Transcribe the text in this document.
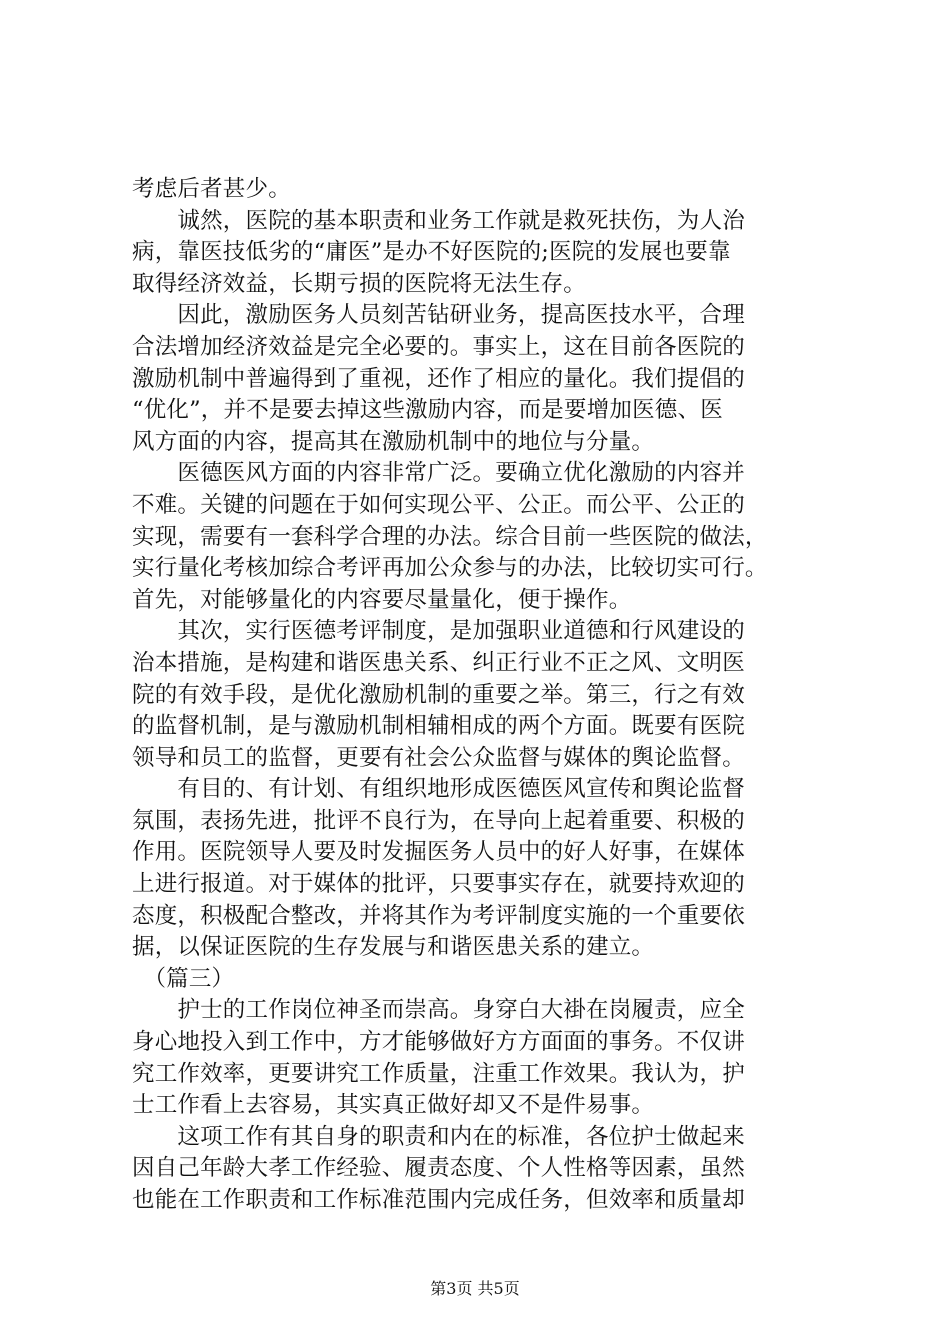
考虑后者甚少。
　　诚然，医院的基本职责和业务工作就是救死扶伤，为人治
病，靠医技低劣的“庸医”是办不好医院的;医院的发展也要靠
取得经济效益，长期亏损的医院将无法生存。
　　因此，激励医务人员刻苦钻研业务，提高医技水平，合理
合法增加经济效益是完全必要的。事实上，这在目前各医院的
激励机制中普遍得到了重视，还作了相应的量化。我们提倡的
“优化”，并不是要去掉这些激励内容，而是要增加医德、医
风方面的内容，提高其在激励机制中的地位与分量。
　　医德医风方面的内容非常广泛。要确立优化激励的内容并
不难。关键的问题在于如何实现公平、公正。而公平、公正的
实现，需要有一套科学合理的办法。综合目前一些医院的做法，
实行量化考核加综合考评再加公众参与的办法，比较切实可行。
首先，对能够量化的内容要尽量量化，便于操作。
　　其次，实行医德考评制度，是加强职业道德和行风建设的
治本措施，是构建和谐医患关系、纠正行业不正之风、文明医
院的有效手段，是优化激励机制的重要之举。第三，行之有效
的监督机制，是与激励机制相辅相成的两个方面。既要有医院
领导和员工的监督，更要有社会公众监督与媒体的舆论监督。
　　有目的、有计划、有组织地形成医德医风宣传和舆论监督
氛围，表扬先进，批评不良行为，在导向上起着重要、积极的
作用。医院领导人要及时发掘医务人员中的好人好事，在媒体
上进行报道。对于媒体的批评，只要事实存在，就要持欢迎的
态度，积极配合整改，并将其作为考评制度实施的一个重要依
据，以保证医院的生存发展与和谐医患关系的建立。
　（篇三）
　　护士的工作岗位神圣而崇高。身穿白大褂在岗履责，应全
身心地投入到工作中，方才能够做好方方面面的事务。不仅讲
究工作效率，更要讲究工作质量，注重工作效果。我认为，护
士工作看上去容易，其实真正做好却又不是件易事。
　　这项工作有其自身的职责和内在的标准，各位护士做起来
因自己年龄大孝工作经验、履责态度、个人性格等因素，虽然
也能在工作职责和工作标准范围内完成任务，但效率和质量却
第3页 共5页
